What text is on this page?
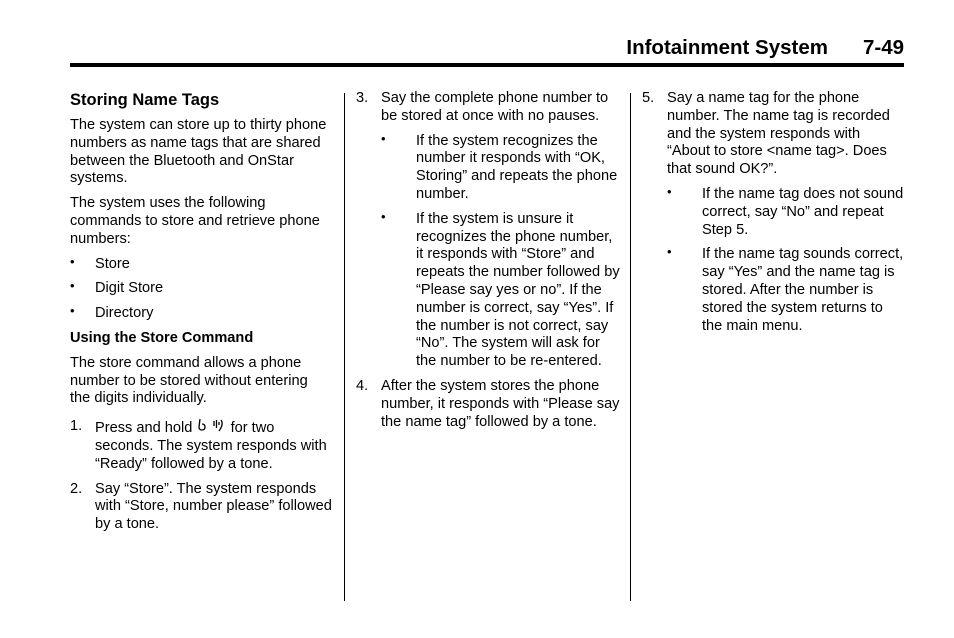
Infotainment System 7-49
Storing Name Tags

The system can store up to thirty phone numbers as name tags that are shared between the Bluetooth and OnStar systems.

The system uses the following commands to store and retrieve phone numbers:

• Store
• Digit Store
• Directory
Using the Store Command

The store command allows a phone number to be stored without entering the digits individually.

1. Press and hold	for two seconds. The system responds with “Ready” followed by a tone.
2. Say “Store”. The system responds with “Store, number please” followed by a tone.
3. Say the complete phone number to be stored at once with no pauses.
• If the system recognizes the number it responds with “OK, Storing” and repeats the phone number.
• If the system is unsure it recognizes the phone number, it responds with “Store” and repeats the number followed by “Please say yes or no”. If the number is correct, say “Yes”. If the number is not correct, say “No”. The system will ask for the number to be re-entered.
4. After the system stores the phone number, it responds with “Please say the name tag” followed by a tone.
5. Say a name tag for the phone number. The name tag is recorded and the system responds with “About to store <name tag>. Does that sound OK?”.
• If the name tag does not sound correct, say “No” and repeat Step 5.
• If the name tag sounds correct, say “Yes” and the name tag is stored. After the number is stored the system returns to the main menu.
